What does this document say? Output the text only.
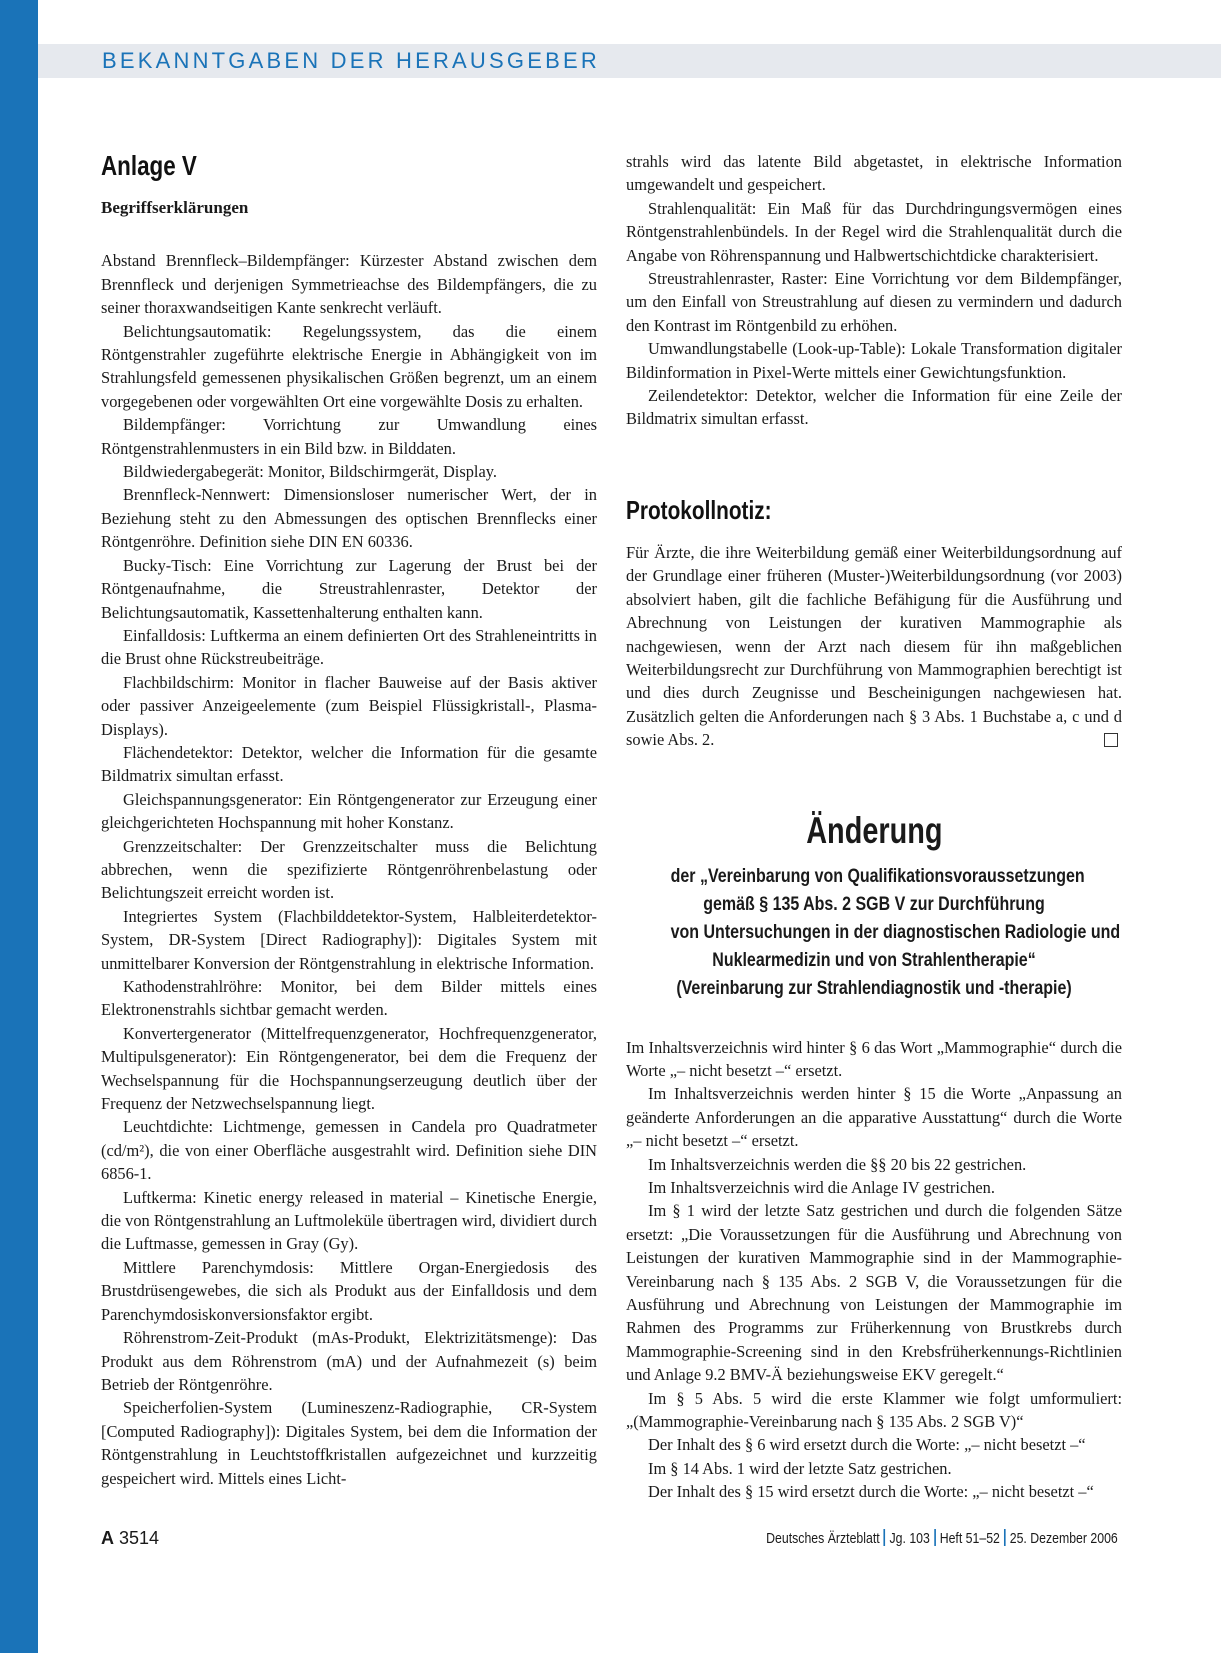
BEKANNTGABEN DER HERAUSGEBER
Anlage V
Begriffserklärungen

Abstand Brennfleck–Bildempfänger: Kürzester Abstand zwischen dem Brennfleck und derjenigen Symmetrieachse des Bildempfängers, die zu seiner thoraxwandseitigen Kante senkrecht verläuft.

Belichtungsautomatik: Regelungssystem, das die einem Röntgenstrahler zugeführte elektrische Energie in Abhängigkeit von im Strahlungsfeld gemessenen physikalischen Größen begrenzt, um an einem vorgegebenen oder vorgewählten Ort eine vorgewählte Dosis zu erhalten.

Bildempfänger: Vorrichtung zur Umwandlung eines Röntgenstrahlenmusters in ein Bild bzw. in Bilddaten.

Bildwiedergabegerät: Monitor, Bildschirmgerät, Display.

Brennfleck-Nennwert: Dimensionsloser numerischer Wert, der in Beziehung steht zu den Abmessungen des optischen Brennflecks einer Röntgenröhre. Definition siehe DIN EN 60336.

Bucky-Tisch: Eine Vorrichtung zur Lagerung der Brust bei der Röntgenaufnahme, die Streustrahlenraster, Detektor der Belichtungsautomatik, Kassettenhalterung enthalten kann.

Einfalldosis: Luftkerma an einem definierten Ort des Strahleneintritts in die Brust ohne Rückstreubeiträge.

Flachbildschirm: Monitor in flacher Bauweise auf der Basis aktiver oder passiver Anzeigeelemente (zum Beispiel Flüssigkristall-, Plasma-Displays).

Flächendetektor: Detektor, welcher die Information für die gesamte Bildmatrix simultan erfasst.

Gleichspannungsgenerator: Ein Röntgengenerator zur Erzeugung einer gleichgerichteten Hochspannung mit hoher Konstanz.

Grenzzeitschalter: Der Grenzzeitschalter muss die Belichtung abbrechen, wenn die spezifizierte Röntgenröhrenbelastung oder Belichtungszeit erreicht worden ist.

Integriertes System (Flachbilddetektor-System, Halbleiterdetektor-System, DR-System [Direct Radiography]): Digitales System mit unmittelbarer Konversion der Röntgenstrahlung in elektrische Information.

Kathodenstrahlröhre: Monitor, bei dem Bilder mittels eines Elektronenstrahls sichtbar gemacht werden.

Konvertergenerator (Mittelfrequenzgenerator, Hochfrequenzgenerator, Multipulsgenerator): Ein Röntgengenerator, bei dem die Frequenz der Wechselspannung für die Hochspannungserzeugung deutlich über der Frequenz der Netzwechselspannung liegt.

Leuchtdichte: Lichtmenge, gemessen in Candela pro Quadratmeter (cd/m²), die von einer Oberfläche ausgestrahlt wird. Definition siehe DIN 6856-1.

Luftkerma: Kinetic energy released in material – Kinetische Energie, die von Röntgenstrahlung an Luftmoleküle übertragen wird, dividiert durch die Luftmasse, gemessen in Gray (Gy).

Mittlere Parenchymdosis: Mittlere Organ-Energiedosis des Brustdrüsengewebes, die sich als Produkt aus der Einfalldosis und dem Parenchymdosiskonversionsfaktor ergibt.

Röhrenstrom-Zeit-Produkt (mAs-Produkt, Elektrizitätsmenge): Das Produkt aus dem Röhrenstrom (mA) und der Aufnahmezeit (s) beim Betrieb der Röntgenröhre.

Speicherfolien-System (Lumineszenz-Radiographie, CR-System [Computed Radiography]): Digitales System, bei dem die Information der Röntgenstrahlung in Leuchtstoffkristallen aufgezeichnet und kurzzeitig gespeichert wird. Mittels eines Licht-

strahls wird das latente Bild abgetastet, in elektrische Information umgewandelt und gespeichert.

Strahlenqualität: Ein Maß für das Durchdringungsvermögen eines Röntgenstrahlenbündels. In der Regel wird die Strahlenqualität durch die Angabe von Röhrenspannung und Halbwertschichtdicke charakterisiert.

Streustrahlenraster, Raster: Eine Vorrichtung vor dem Bildempfänger, um den Einfall von Streustrahlung auf diesen zu vermindern und dadurch den Kontrast im Röntgenbild zu erhöhen.

Umwandlungstabelle (Look-up-Table): Lokale Transformation digitaler Bildinformation in Pixel-Werte mittels einer Gewichtungsfunktion.

Zeilendetektor: Detektor, welcher die Information für eine Zeile der Bildmatrix simultan erfasst.

Protokollnotiz:

Für Ärzte, die ihre Weiterbildung gemäß einer Weiterbildungsordnung auf der Grundlage einer früheren (Muster-)Weiterbildungsordnung (vor 2003) absolviert haben, gilt die fachliche Befähigung für die Ausführung und Abrechnung von Leistungen der kurativen Mammographie als nachgewiesen, wenn der Arzt nach diesem für ihn maßgeblichen Weiterbildungsrecht zur Durchführung von Mammographien berechtigt ist und dies durch Zeugnisse und Bescheinigungen nachgewiesen hat. Zusätzlich gelten die Anforderungen nach § 3 Abs. 1 Buchstabe a, c und d sowie Abs. 2.

Änderung
der „Vereinbarung von Qualifikationsvoraussetzungen
gemäß § 135 Abs. 2 SGB V zur Durchführung
von Untersuchungen in der diagnostischen Radiologie und
Nuklearmedizin und von Strahlentherapie“
(Vereinbarung zur Strahlendiagnostik und -therapie)

Im Inhaltsverzeichnis wird hinter § 6 das Wort „Mammographie“ durch die Worte „– nicht besetzt –“ ersetzt.

Im Inhaltsverzeichnis werden hinter § 15 die Worte „Anpassung an geänderte Anforderungen an die apparative Ausstattung“ durch die Worte „– nicht besetzt –“ ersetzt.

Im Inhaltsverzeichnis werden die §§ 20 bis 22 gestrichen.

Im Inhaltsverzeichnis wird die Anlage IV gestrichen.

Im § 1 wird der letzte Satz gestrichen und durch die folgenden Sätze ersetzt: „Die Voraussetzungen für die Ausführung und Abrechnung von Leistungen der kurativen Mammographie sind in der Mammographie-Vereinbarung nach § 135 Abs. 2 SGB V, die Voraussetzungen für die Ausführung und Abrechnung von Leistungen der Mammographie im Rahmen des Programms zur Früherkennung von Brustkrebs durch Mammographie-Screening sind in den Krebsfrüherkennungs-Richtlinien und Anlage 9.2 BMV-Ä beziehungsweise EKV geregelt.“

Im § 5 Abs. 5 wird die erste Klammer wie folgt umformuliert: „(Mammographie-Vereinbarung nach § 135 Abs. 2 SGB V)“

Der Inhalt des § 6 wird ersetzt durch die Worte: „– nicht besetzt –“

Im § 14 Abs. 1 wird der letzte Satz gestrichen.

Der Inhalt des § 15 wird ersetzt durch die Worte: „– nicht besetzt –“

A 3514	Deutsches Ärzteblatt Jg. 103 Heft 51–52 25. Dezember 2006
